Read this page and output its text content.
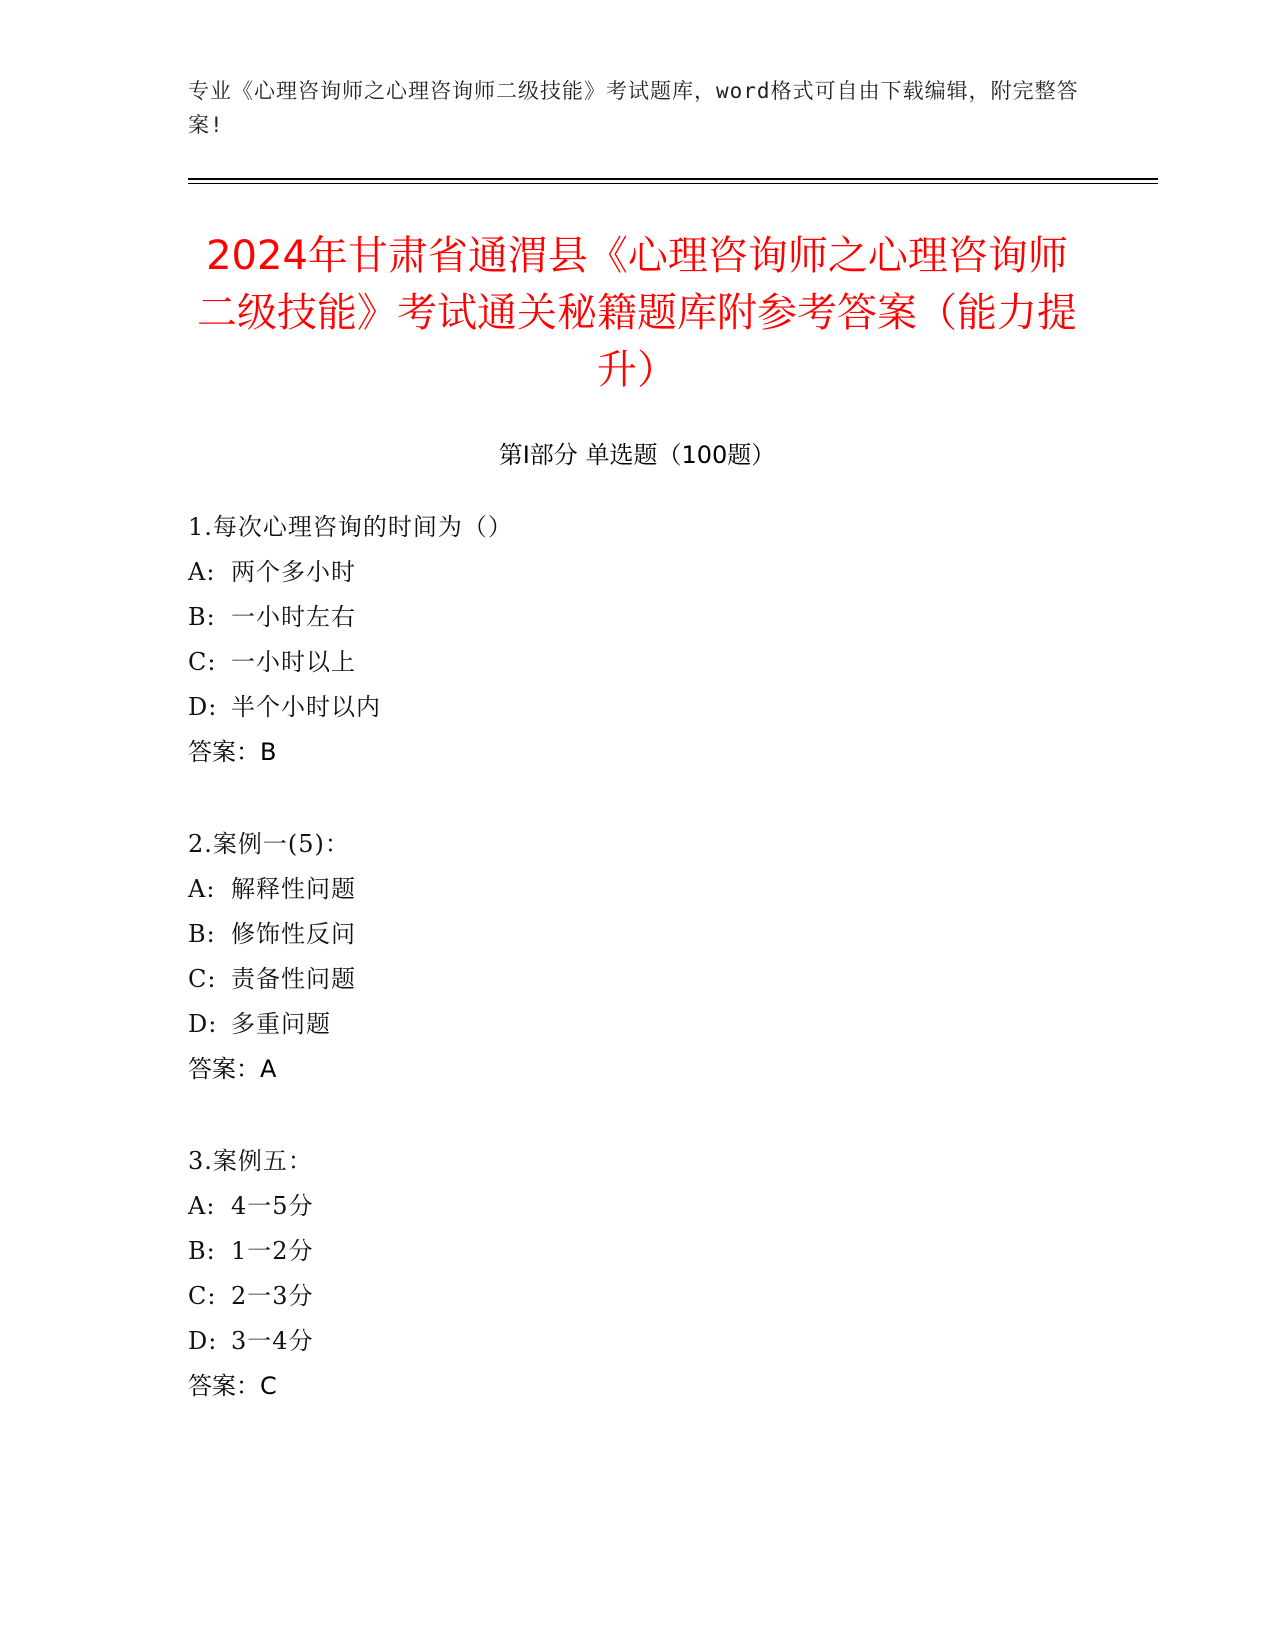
专业《心理咨询师之心理咨询师二级技能》考试题库，word格式可自由下载编辑，附完整答案!
2024年甘肃省通渭县《心理咨询师之心理咨询师二级技能》考试通关秘籍题库附参考答案（能力提升）
第Ⅰ部分 单选题（100题）
1.每次心理咨询的时间为（）
A: 两个多小时
B: 一小时左右
C: 一小时以上
D: 半个小时以内
答案：B
2.案例一(5)：
A: 解释性问题
B: 修饰性反问
C: 责备性问题
D: 多重问题
答案：A
3.案例五：
A: 4一5分
B: 1一2分
C: 2一3分
D: 3一4分
答案：C
